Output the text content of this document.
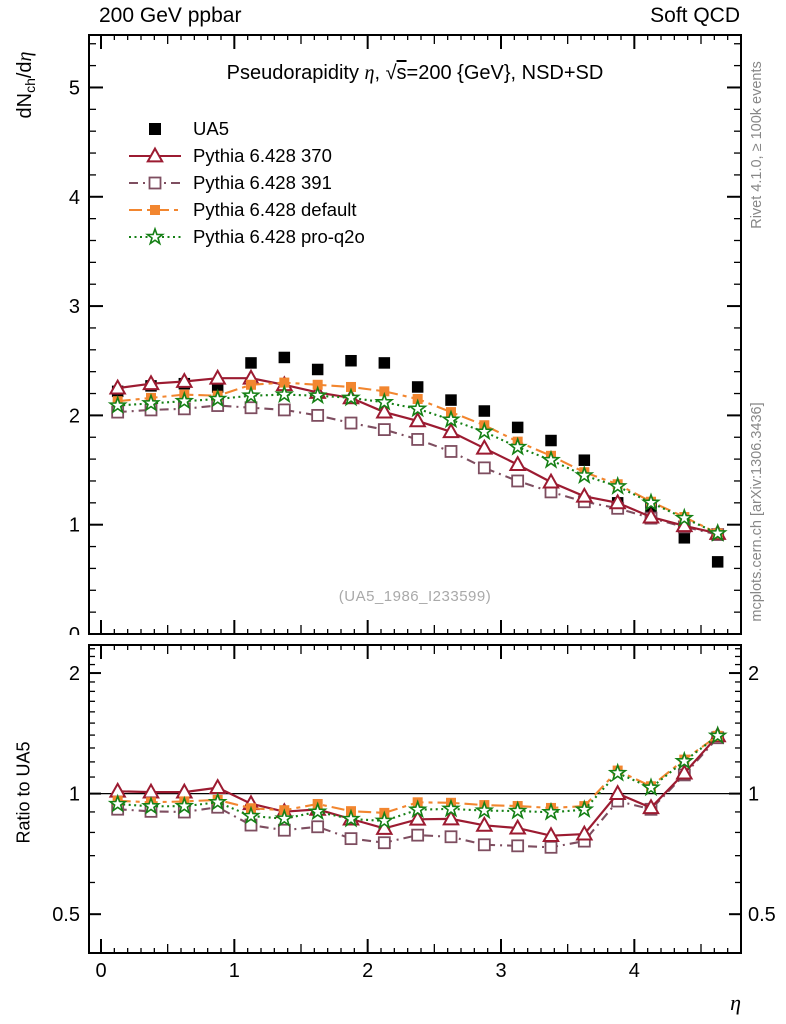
1
2
3
4
5
0.5	0.5
1	1
2	2
0	1	2	3	4
200 GeV ppbar	Soft QCD
Pseudorapidity η, √s=200 {GeV}, NSD+SD
UA5
Pythia 6.428 370
Pythia 6.428 391
Pythia 6.428 default
Pythia 6.428 pro-q2o
(UA5_1986_I233599)
$dN_{ch}/d\eta$
Ratio to UA5
Rivet 4.1.0, ≥ 100k events
mcplots.cern.ch [arXiv:1306.3436]
η
